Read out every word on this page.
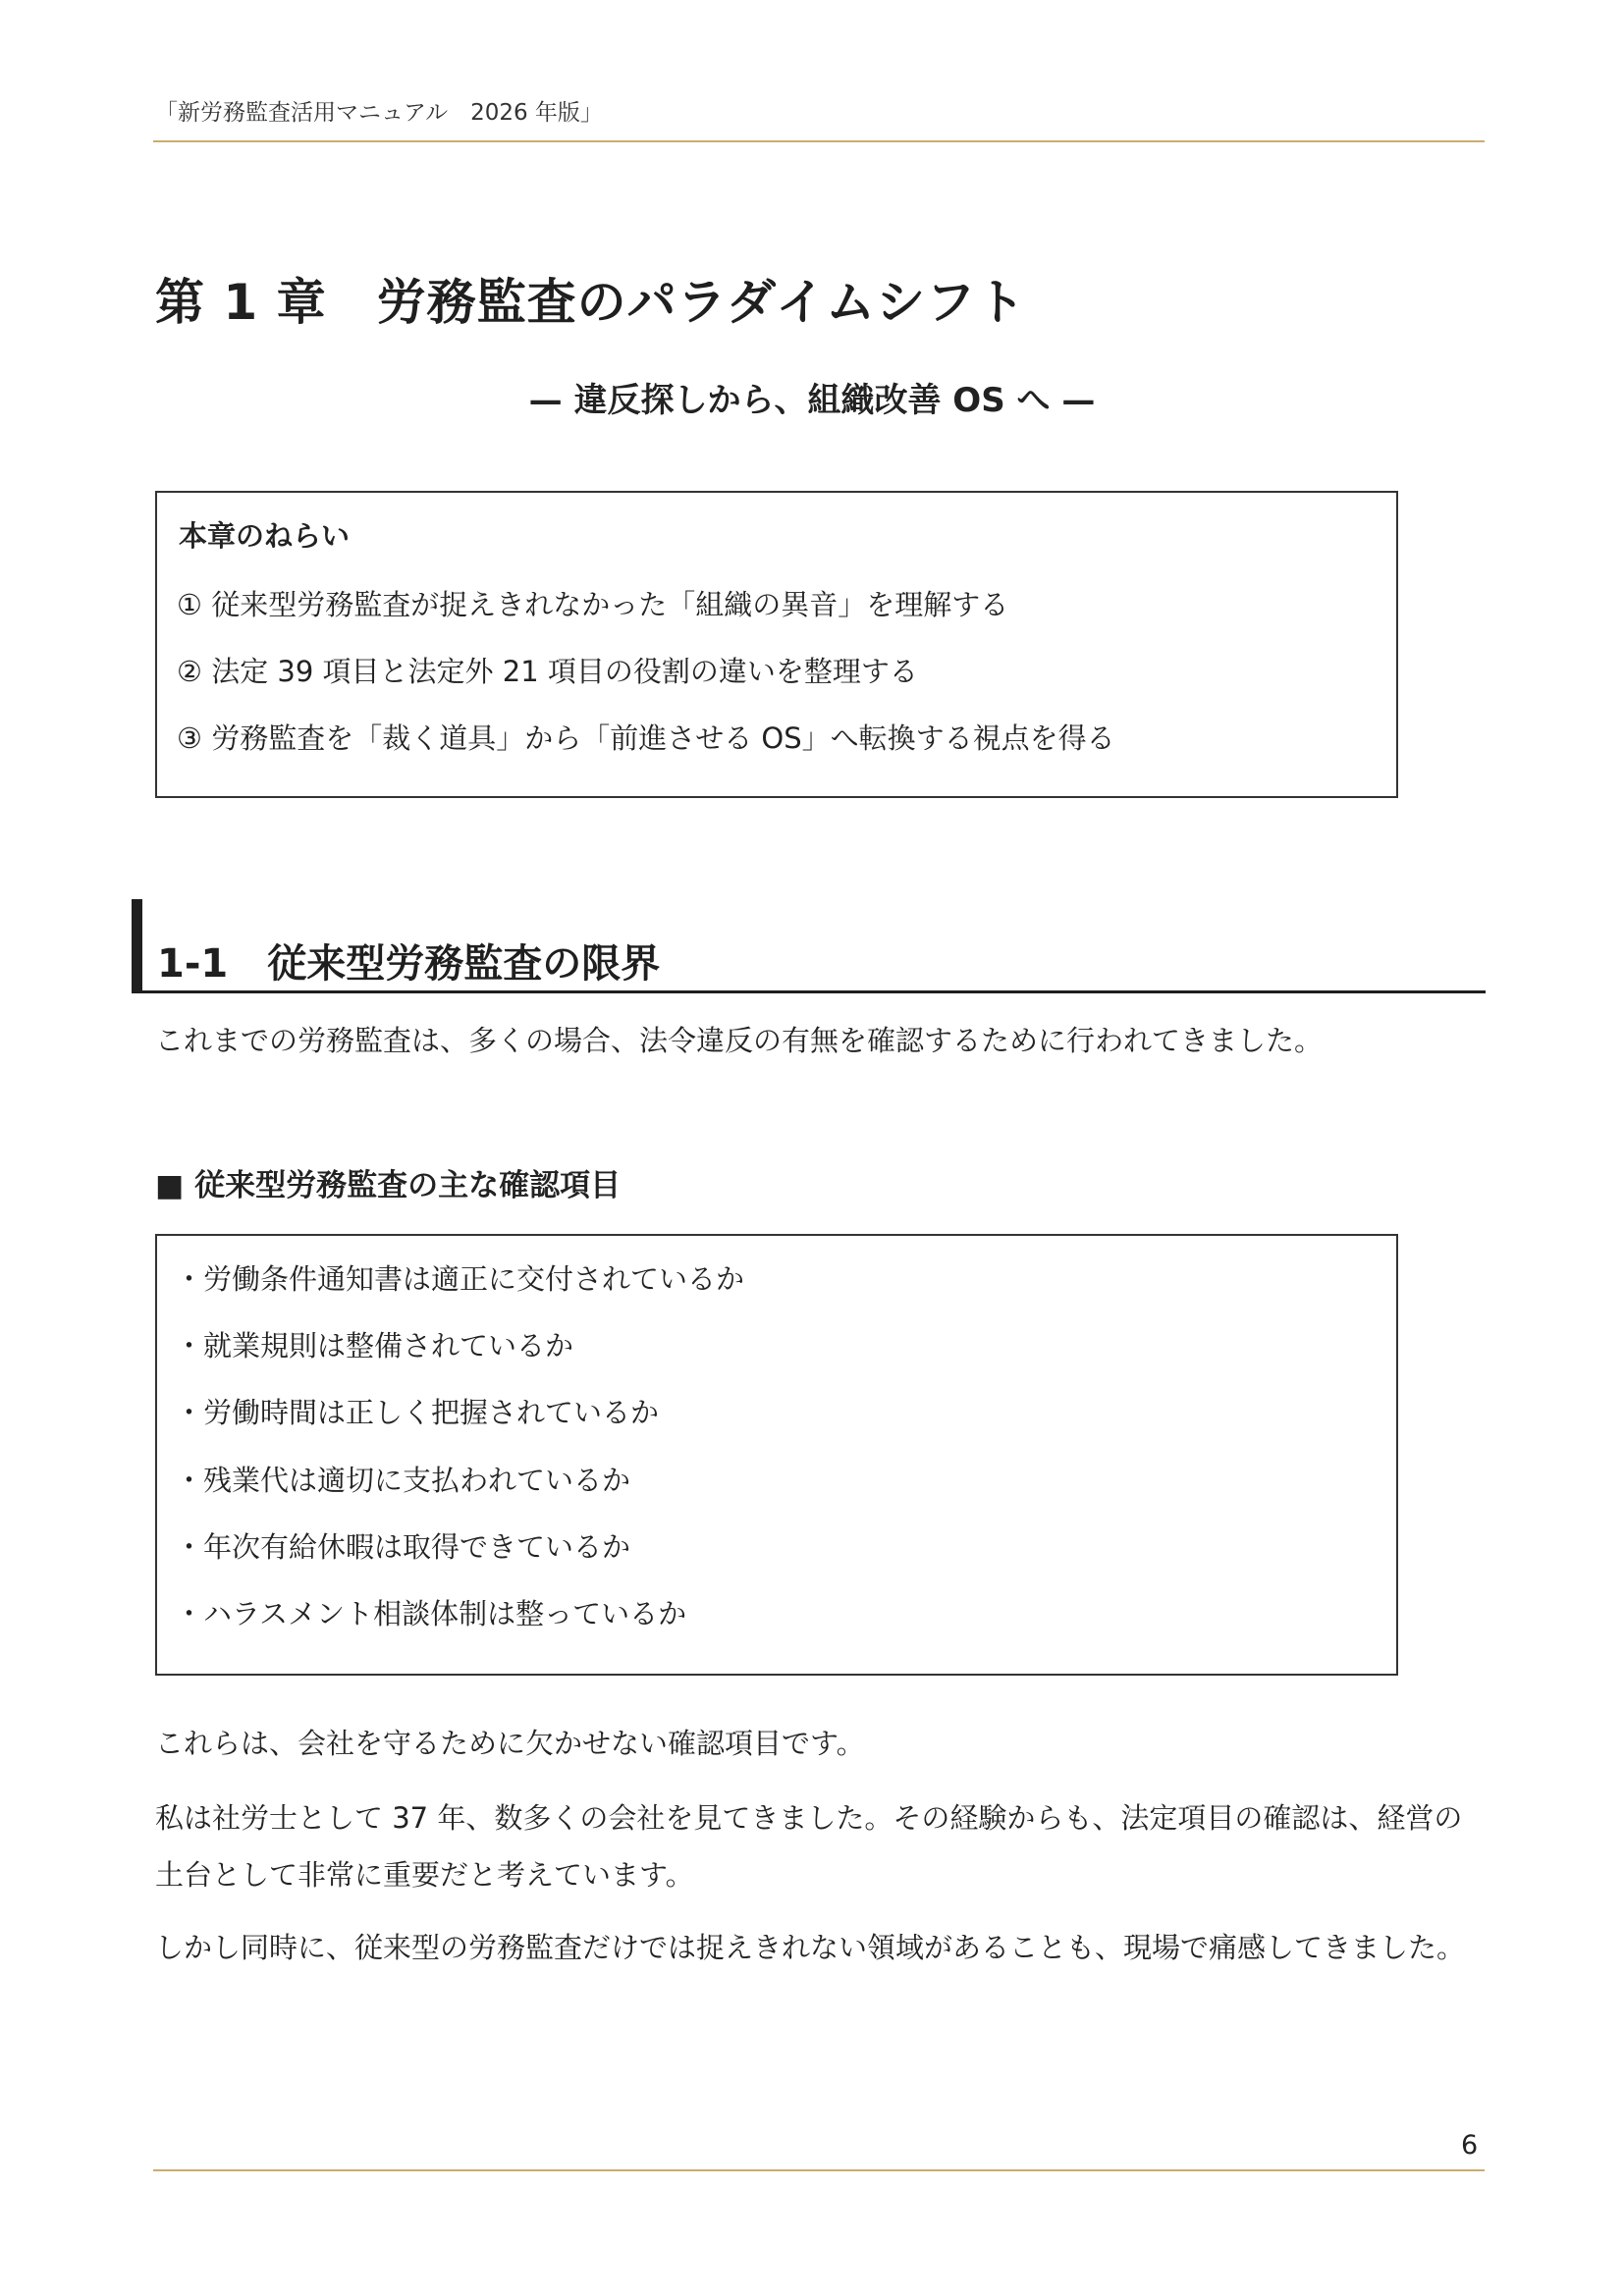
「新労務監査活用マニュアル　2026 年版」
第 1 章　労務監査のパラダイムシフト
— 違反探しから、組織改善 OS へ —
本章のねらい
① 従来型労務監査が捉えきれなかった「組織の異音」を理解する
② 法定 39 項目と法定外 21 項目の役割の違いを整理する
③ 労務監査を「裁く道具」から「前進させる OS」へ転換する視点を得る
1-1　従来型労務監査の限界
これまでの労務監査は、多くの場合、法令違反の有無を確認するために行われてきました。
■ 従来型労務監査の主な確認項目
・労働条件通知書は適正に交付されているか
・就業規則は整備されているか
・労働時間は正しく把握されているか
・残業代は適切に支払われているか
・年次有給休暇は取得できているか
・ハラスメント相談体制は整っているか
これらは、会社を守るために欠かせない確認項目です。
私は社労士として 37 年、数多くの会社を見てきました。その経験からも、法定項目の確認は、経営の
土台として非常に重要だと考えています。
しかし同時に、従来型の労務監査だけでは捉えきれない領域があることも、現場で痛感してきました。
6
